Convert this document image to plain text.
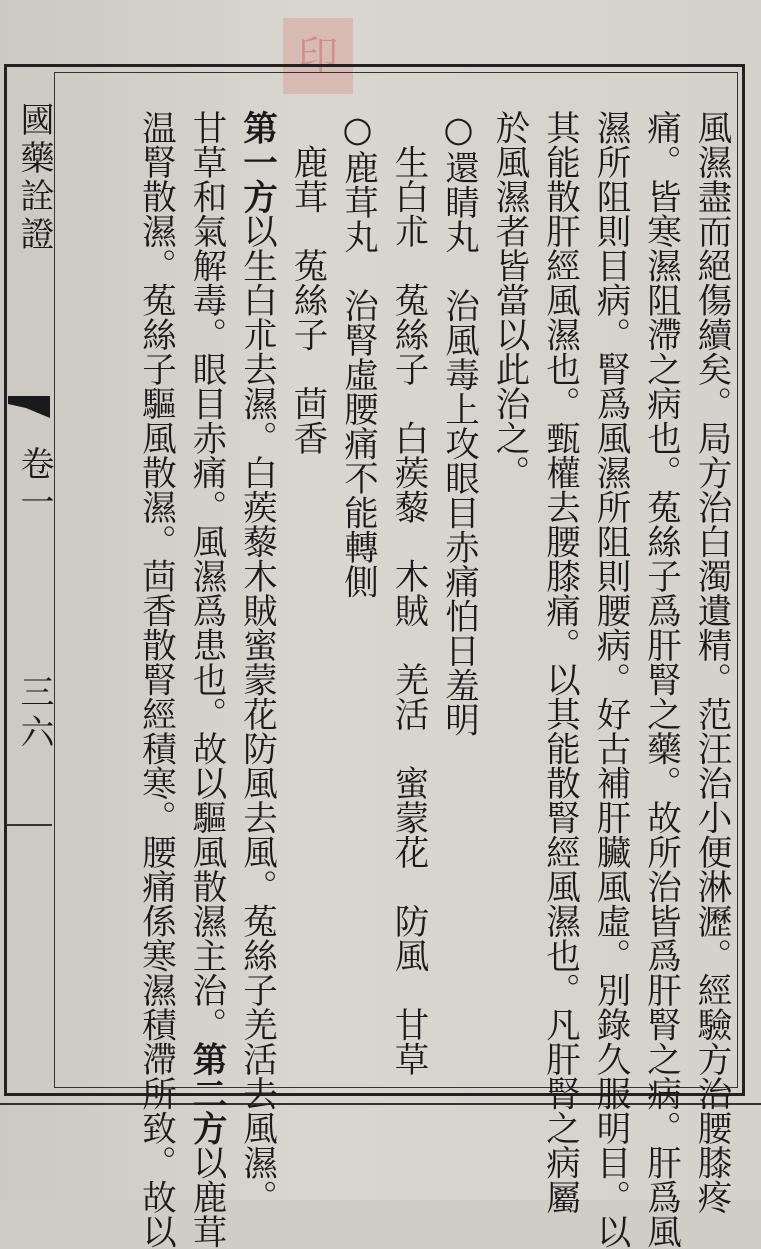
印
國藥詮證
卷一
三六	風濕盡而絕傷續矣。局方治白濁遺精。范汪治小便淋瀝。經驗方治腰膝疼
痛。皆寒濕阻滯之病也。菟絲子爲肝腎之藥。故所治皆爲肝腎之病。肝爲風
濕所阻則目病。腎爲風濕所阻則腰病。好古補肝臟風虛。別錄久服明目。以
其能散肝經風濕也。甄權去腰膝痛。以其能散腎經風濕也。凡肝腎之病屬
於風濕者皆當以此治之。
○還睛丸　治風毒上攻眼目赤痛怕日羞明
　生白朮　菟絲子　白蒺藜　木賊　羌活　蜜蒙花　防風　甘草
○鹿茸丸　治腎虛腰痛不能轉側
　鹿茸　菟絲子　茴香
第一方以生白朮去濕。白蒺藜木賊蜜蒙花防風去風。菟絲子羌活去風濕。
甘草和氣解毒。眼目赤痛。風濕爲患也。故以驅風散濕主治。第二方以鹿茸
温腎散濕。菟絲子驅風散濕。茴香散腎經積寒。腰痛係寒濕積滯所致。故以
